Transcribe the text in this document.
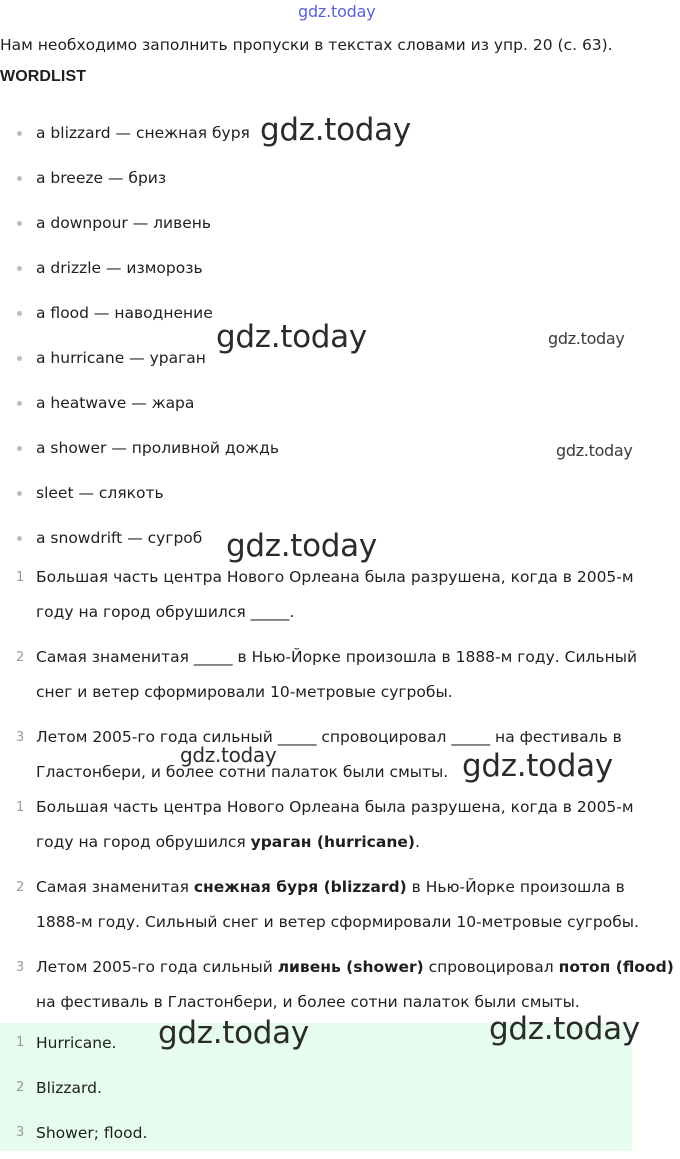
gdz.today
Нам необходимо заполнить пропуски в текстах словами из упр. 20 (с. 63).
WORDLIST
a blizzard — снежная буря
a breeze — бриз
a downpour — ливень
a drizzle — изморозь
a flood — наводнение
a hurricane — ураган
a heatwave — жара
a shower — проливной дождь
sleet — слякоть
a snowdrift — сугроб
1 Большая часть центра Нового Орлеана была разрушена, когда в 2005-м году на город обрушился _____.
2 Самая знаменитая _____ в Нью-Йорке произошла в 1888-м году. Сильный снег и ветер сформировали 10-метровые сугробы.
3 Летом 2005-го года сильный _____ спровоцировал _____ на фестиваль в Гластонбери, и более сотни палаток были смыты.
1 Большая часть центра Нового Орлеана была разрушена, когда в 2005-м году на город обрушился ураган (hurricane).
2 Самая знаменитая снежная буря (blizzard) в Нью-Йорке произошла в 1888-м году. Сильный снег и ветер сформировали 10-метровые сугробы.
3 Летом 2005-го года сильный ливень (shower) спровоцировал потоп (flood) на фестиваль в Гластонбери, и более сотни палаток были смыты.
1 Hurricane.
2 Blizzard.
3 Shower; flood.
gdz.today
gdz.today	gdz.today
gdz.today
gdz.today
gdz.today	gdz.today
gdz.today	gdz.today
